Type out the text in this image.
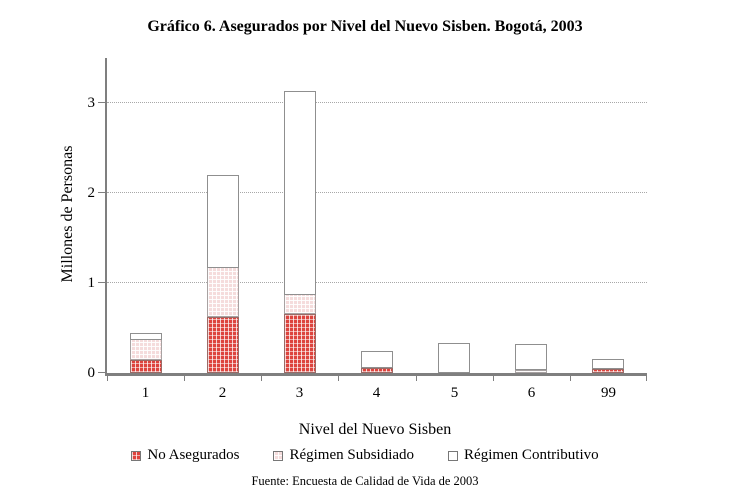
Gráfico 6. Asegurados por Nivel del Nuevo Sisben. Bogotá, 2003
Millones de Personas
0
1
2
3
1	2	3	4	5	6	99
Nivel del Nuevo Sisben
No Asegurados	Régimen Subsidiado	Régimen Contributivo
Fuente: Encuesta de Calidad de Vida de 2003
